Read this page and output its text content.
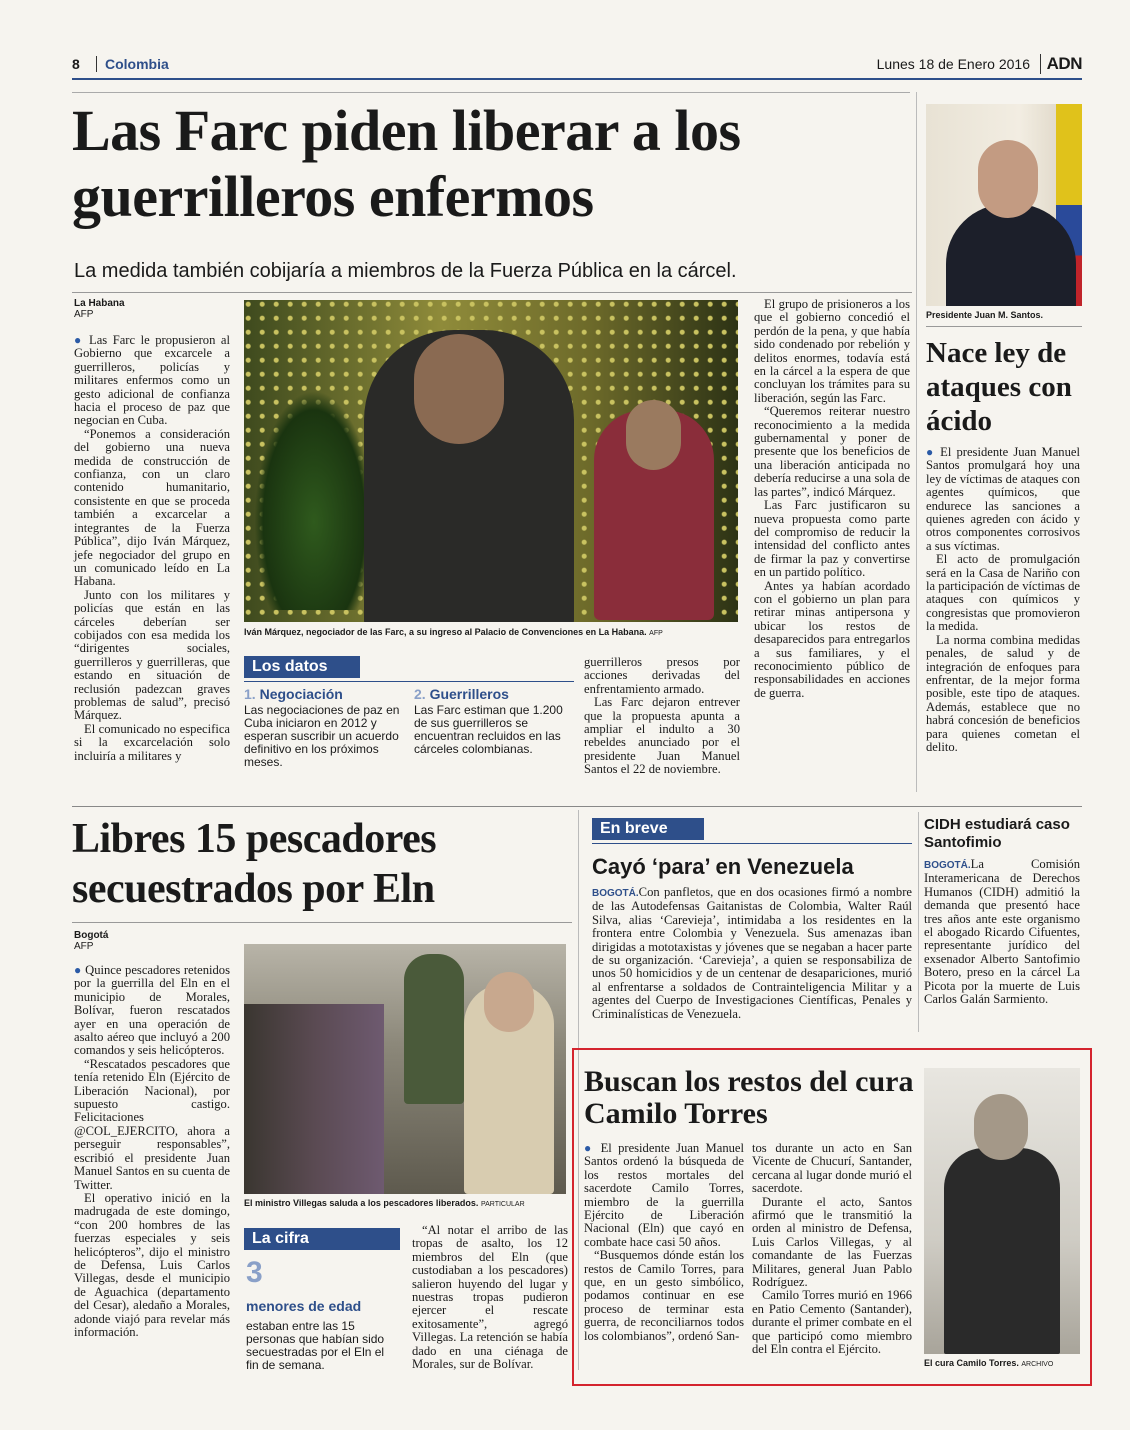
8	Colombia	Lunes 18 de Enero 2016 ADN
Las Farc piden liberar a los guerrilleros enfermos
La medida también cobijaría a miembros de la Fuerza Pública en la cárcel.
La Habana
AFP

● Las Farc le propusieron al Gobierno que excarcele a guerrilleros, policías y militares enfermos como un gesto adicional de confianza hacia el proceso de paz que negocian en Cuba.

“Ponemos a consideración del gobierno una nueva medida de construcción de confianza, con un claro contenido humanitario, consistente en que se proceda también a excarcelar a integrantes de la Fuerza Pública”, dijo Iván Márquez, jefe negociador del grupo en un comunicado leído en La Habana.

Junto con los militares y policías que están en las cárceles deberían ser cobijados con esa medida los “dirigentes sociales, guerrilleros y guerrilleras, que estando en situación de reclusión padezcan graves problemas de salud”, precisó Márquez.

El comunicado no especifica si la excarcelación solo incluiría a militares y

Iván Márquez, negociador de las Farc, a su ingreso al Palacio de Convenciones en La Habana. AFP
Los datos
1. Negociación
Las negociaciones de paz en Cuba iniciaron en 2012 y esperan suscribir un acuerdo definitivo en los próximos meses.
2. Guerrilleros
Las Farc estiman que 1.200 de sus guerrilleros se encuentran recluidos en las cárceles colombianas.

guerrilleros presos por acciones derivadas del enfrentamiento armado.

Las Farc dejaron entrever que la propuesta apunta a ampliar el indulto a 30 rebeldes anunciado por el presidente Juan Manuel Santos el 22 de noviembre.

El grupo de prisioneros a los que el gobierno concedió el perdón de la pena, y que había sido condenado por rebelión y delitos enormes, todavía está en la cárcel a la espera de que concluyan los trámites para su liberación, según las Farc.

“Queremos reiterar nuestro reconocimiento a la medida gubernamental y poner de presente que los beneficios de una liberación anticipada no debería reducirse a una sola de las partes”, indicó Márquez.

Las Farc justificaron su nueva propuesta como parte del compromiso de reducir la intensidad del conflicto antes de firmar la paz y convertirse en un partido político.

Antes ya habían acordado con el gobierno un plan para retirar minas antipersona y ubicar los restos de desaparecidos para entregarlos a sus familiares, y el reconocimiento público de responsabilidades en acciones de guerra.

Presidente Juan M. Santos.
Nace ley de ataques con ácido

● El presidente Juan Manuel Santos promulgará hoy una ley de víctimas de ataques con agentes químicos, que endurece las sanciones a quienes agreden con ácido y otros componentes corrosivos a sus víctimas.

El acto de promulgación será en la Casa de Nariño con la participación de víctimas de ataques con químicos y congresistas que promovieron la medida.

La norma combina medidas penales, de salud y de integración de enfoques para enfrentar, de la mejor forma posible, este tipo de ataques. Además, establece que no habrá concesión de beneficios para quienes cometan el delito.

Libres 15 pescadores secuestrados por Eln
Bogotá
AFP

● Quince pescadores retenidos por la guerrilla del Eln en el municipio de Morales, Bolívar, fueron rescatados ayer en una operación de asalto aéreo que incluyó a 200 comandos y seis helicópteros.

“Rescatados pescadores que tenía retenido Eln (Ejército de Liberación Nacional), por supuesto castigo. Felicitaciones @COL_EJERCITO, ahora a perseguir responsables”, escribió el presidente Juan Manuel Santos en su cuenta de Twitter.

El operativo inició en la madrugada de este domingo, “con 200 hombres de las fuerzas especiales y seis helicópteros”, dijo el ministro de Defensa, Luis Carlos Villegas, desde el municipio de Aguachica (departamento del Cesar), aledaño a Morales, adonde viajó para revelar más información.

El ministro Villegas saluda a los pescadores liberados. PARTICULAR
La cifra
3
menores de edad
estaban entre las 15 personas que habían sido secuestradas por el Eln el fin de semana.

“Al notar el arribo de las tropas de asalto, los 12 miembros del Eln (que custodiaban a los pescadores) salieron huyendo del lugar y nuestras tropas pudieron ejercer el rescate exitosamente”, agregó Villegas. La retención se había dado en una ciénaga de Morales, sur de Bolívar.

En breve
Cayó ‘para’ en Venezuela

BOGOTÁ.Con panfletos, que en dos ocasiones firmó a nombre de las Autodefensas Gaitanistas de Colombia, Walter Raúl Silva, alias ‘Carevieja’, intimidaba a los residentes en la frontera entre Colombia y Venezuela. Sus amenazas iban dirigidas a mototaxistas y jóvenes que se negaban a hacer parte de su organización. ‘Carevieja’, a quien se responsabiliza de unos 50 homicidios y de un centenar de desapariciones, murió al enfrentarse a soldados de Contrainteligencia Militar y a agentes del Cuerpo de Investigaciones Científicas, Penales y Criminalísticas de Venezuela.

CIDH estudiará caso Santofimio

BOGOTÁ.La Comisión Interamericana de Derechos Humanos (CIDH) admitió la demanda que presentó hace tres años ante este organismo el abogado Ricardo Cifuentes, representante jurídico del exsenador Alberto Santofimio Botero, preso en la cárcel La Picota por la muerte de Luis Carlos Galán Sarmiento.

Buscan los restos del cura Camilo Torres

● El presidente Juan Manuel Santos ordenó la búsqueda de los restos mortales del sacerdote Camilo Torres, miembro de la guerrilla Ejército de Liberación Nacional (Eln) que cayó en combate hace casi 50 años.

“Busquemos dónde están los restos de Camilo Torres, para que, en un gesto simbólico, podamos continuar en ese proceso de terminar esta guerra, de reconciliarnos todos los colombianos”, ordenó San-

tos durante un acto en San Vicente de Chucurí, Santander, cercana al lugar donde murió el sacerdote.

Durante el acto, Santos afirmó que le transmitió la orden al ministro de Defensa, Luis Carlos Villegas, y al comandante de las Fuerzas Militares, general Juan Pablo Rodríguez.

Camilo Torres murió en 1966 en Patio Cemento (Santander), durante el primer combate en el que participó como miembro del Eln contra el Ejército.

El cura Camilo Torres. ARCHIVO
